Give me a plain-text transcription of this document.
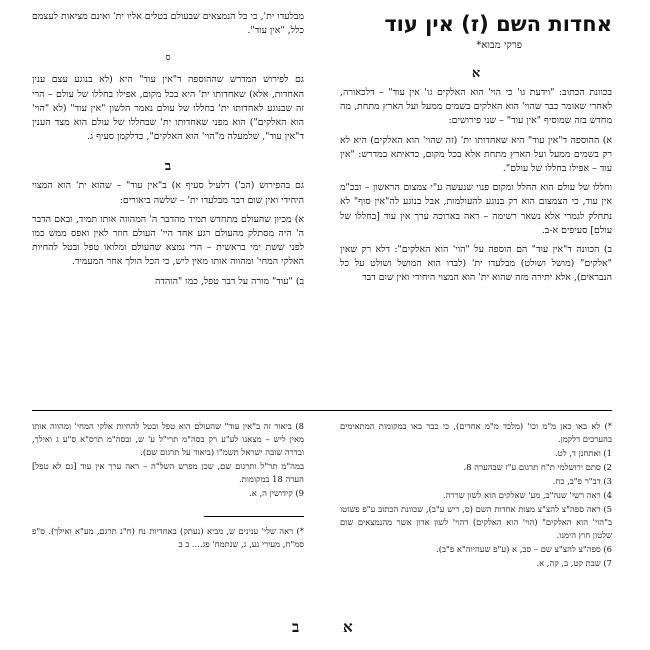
אחדות השם (ז) אין עוד
פרקי מבוא*
א

בכוונת הכתוב: "וידעת גו' כי הוי' הוא האלקים גו' אין עוד" – דלכאורה, לאחרי שאומר כבר שהוי' הוא האלקים בשמים ממעל ועל הארץ מתחת, מה מחדש בזה שמוסיף "אין עוד" – שני פירושים:

א) ההוספה ד"אין עוד" היא שאחדותו ית' (זה שהוי' הוא האלקים) היא לא רק בשמים ממעל ועל הארץ מתחת אלא בכל מקום, כדאיתא במדרש: "אין עוד – אפילו בחללו של עולם".

וחללו של עולם הוא החלל ומקום פנוי שנעשה ע"י צמצום הראשון – ובכ"מ אין עוד, כי הצמצום הוא רק בנוגע להעולמות, אבל בנוגע לה"אין סוף" לא נתחלק לגמרי אלא נשאר רשימה – ראה בארוכה ערך אין עוד [בחללו של עולם] סעיפים א-ב.

ב) הכוונה ד"אין עוד" הם הוספה על "הוי' הוא האלקים": דלא רק שאין "אלקים" (מושל ושולט) מבלעדו ית' (לבדו הוא המושל ושולט על כל הנבראים), אלא יתירה מזה שהוא ית' הוא המצוי היחידי ואין שום דבר

מבלעדו ית', כי כל הנמצאים שבעולם בטלים אליו ית' ואינם מציאות לעצמם כלל, "אין עוד".

ס

גם לפירוש המדרש שההוספה ד"אין עוד" היא (לא בנוגע עצם ענין האחדות, אלא) שאחדותו ית' היא בכל מקום, אפילו בחללו של עולם – הרי זה שבנוגע לאחדותו ית' בחללו של עולם נאמר הלשון "אין עוד" (לא "הוי' הוא האלקים") הוא מפני שאחדותו ית' שבחללו של עולם הוא מצד הענין ד"אין עוד", שלמעלה מ"הוי' הוא האלקים", כדלקמן סעיף ג.

ב

גם בהפירוש (הב') דלעיל סעיף א) ב"אין עוד" – שהוא ית' הוא המצוי היחידי ואין שום דבר מבלעדו ית' – שלשה ביאורים:

א) מכיון שהעולם מתחדש תמיד מהדבר ה' המהווה אותו תמיד, ובאם הדבר ה' היה מסתלק מהעולם רגע אחד היי' העולם חוזר לאין ואפס ממש כמו לפני ששת ימי בראשית – הרי נמצא שהעולם ומלואו טפל ובטל להחיות האלקי המחי' ומהווה אותו מאין ליש, כי הכל הולך אחר המעמיד.

ב) "עוד" מורה על דבר טפל, כמו "הוהדה

*) לא באו כאן מ"מ וכו' (מלבד מ"מ אחדים), כי כבר באו במקומות המתאימים בהערכים דלקמן.

1) ואתחנן ד, לט.

2) סתם ירושלמי ת"ח תרגום ע"ז שבהערה 8.

3) דב"ר פ"ב, כח.

4) ראה רשי' שנה"ב, מע' שאלקים הוא לשון שררה.

5) ראה ספה"צ להצ"צ מצות אחדות השם (ס, ריש ע"ב), שכוונת הכתוב ע"פ פשוטו ב"הוי' הוא האלקים" (הוי' הוא האלקים) דהוי' לשון אדון אשר מהנמצאים שום שלטון חוץ הימנו.

6) ספה"צ להצ"צ שם – סב, א (ע"פ שעהיוה"א פ"ב).

7) שבת קט, ב, קה, א.

8) ביאור זה ב"אין עוד" שהעולם הוא טפל ובטל להחיות אלקי המחי' ומהווה אותו מאין ליש – מצאנו לע"ע רק בסה"מ תרי"ל ע' ש, ובסה"מ תרס"א ס"ע ג ואילך, ובדרה שובה ישראל תשמ"ו (ביאור על תרגום שם).

במה"מ תר"ל ותרגום שם, שכן מפרש השל"ה – ראה ערך אין עוד [גם לא טפל] הערה 18 במקומות.

9) קידושין ה, א.

*) ראה שלי' ענינים ש, מביא (נעתק) באחדיות נח (ח"נ תרגם, מע"א ואילך). ס"פ סמ"ח, מעירי גע, ג, שנתמח' פג.... ב ב

א
ב
